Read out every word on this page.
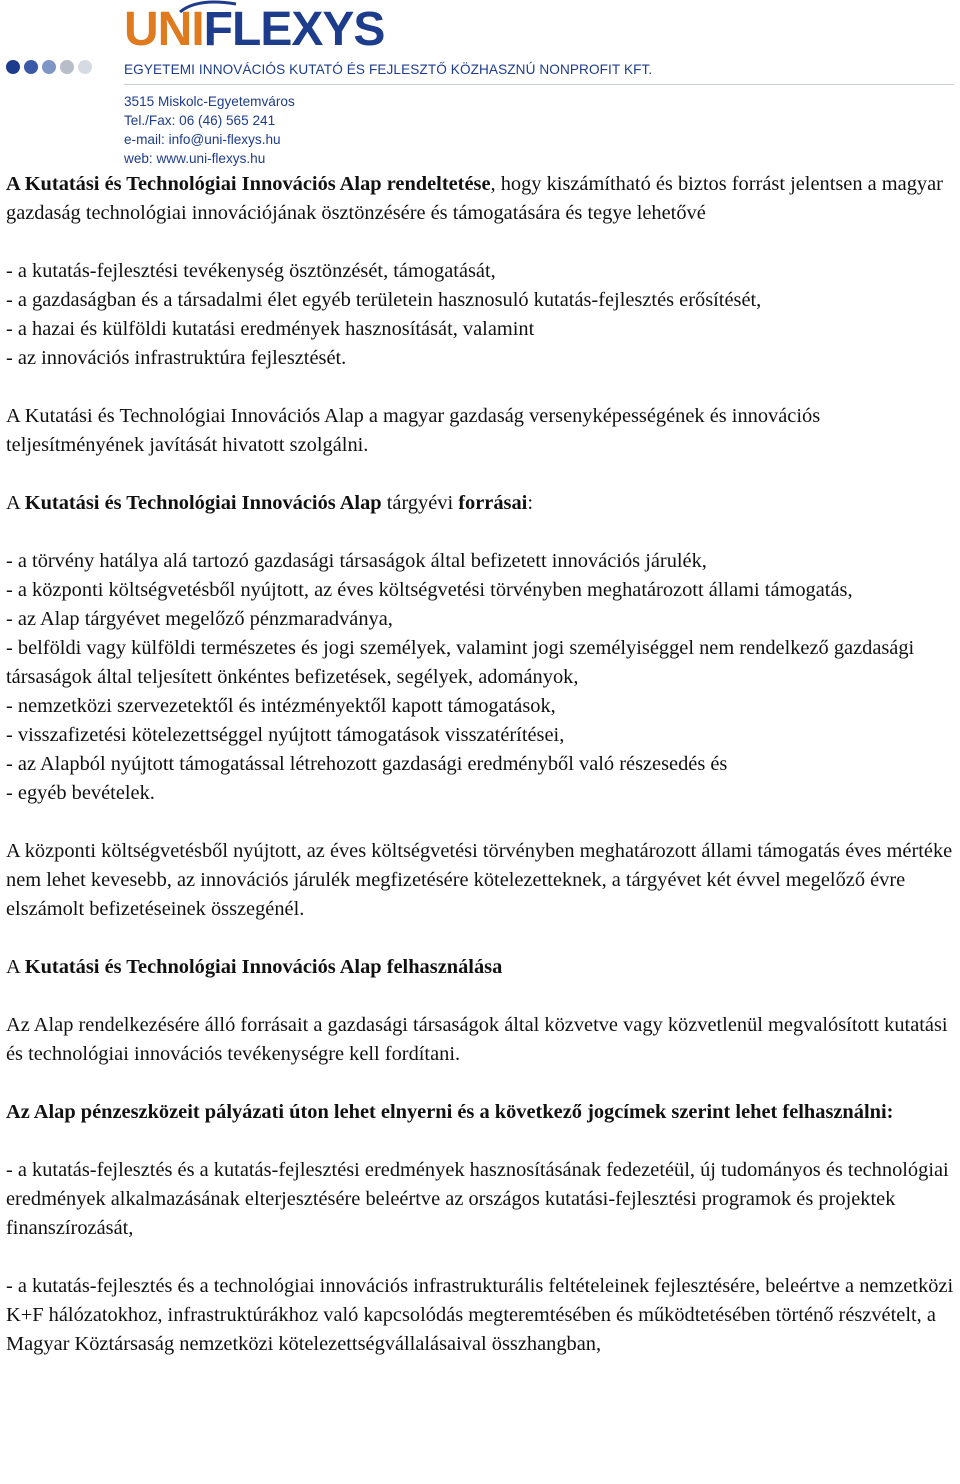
UNIFLEXYS
EGYETEMI INNOVÁCIÓS KUTATÓ ÉS FEJLESZTŐ KÖZHASZNÚ NONPROFIT KFT.
3515 Miskolc-Egyetemváros
Tel./Fax: 06 (46) 565 241
e-mail: info@uni-flexys.hu
web: www.uni-flexys.hu

A Kutatási és Technológiai Innovációs Alap rendeltetése, hogy kiszámítható és biztos forrást jelentsen a magyar gazdaság technológiai innovációjának ösztönzésére és támogatására és tegye lehetővé

- a kutatás-fejlesztési tevékenység ösztönzését, támogatását,
- a gazdaságban és a társadalmi élet egyéb területein hasznosuló kutatás-fejlesztés erősítését,
- a hazai és külföldi kutatási eredmények hasznosítását, valamint
- az innovációs infrastruktúra fejlesztését.

A Kutatási és Technológiai Innovációs Alap a magyar gazdaság versenyképességének és innovációs teljesítményének javítását hivatott szolgálni.

A Kutatási és Technológiai Innovációs Alap tárgyévi forrásai:

- a törvény hatálya alá tartozó gazdasági társaságok által befizetett innovációs járulék,
- a központi költségvetésből nyújtott, az éves költségvetési törvényben meghatározott állami támogatás,
- az Alap tárgyévet megelőző pénzmaradványa,
- belföldi vagy külföldi természetes és jogi személyek, valamint jogi személyiséggel nem rendelkező gazdasági társaságok által teljesített önkéntes befizetések, segélyek, adományok,
- nemzetközi szervezetektől és intézményektől kapott támogatások,
- visszafizetési kötelezettséggel nyújtott támogatások visszatérítései,
- az Alapból nyújtott támogatással létrehozott gazdasági eredményből való részesedés és
- egyéb bevételek.

A központi költségvetésből nyújtott, az éves költségvetési törvényben meghatározott állami támogatás éves mértéke nem lehet kevesebb, az innovációs járulék megfizetésére kötelezetteknek, a tárgyévet két évvel megelőző évre elszámolt befizetéseinek összegénél.

A Kutatási és Technológiai Innovációs Alap felhasználása

Az Alap rendelkezésére álló forrásait a gazdasági társaságok által közvetve vagy közvetlenül megvalósított kutatási és technológiai innovációs tevékenységre kell fordítani.

Az Alap pénzeszközeit pályázati úton lehet elnyerni és a következő jogcímek szerint lehet felhasználni:

- a kutatás-fejlesztés és a kutatás-fejlesztési eredmények hasznosításának fedezetéül, új tudományos és technológiai eredmények alkalmazásának elterjesztésére beleértve az országos kutatási-fejlesztési programok és projektek finanszírozását,

- a kutatás-fejlesztés és a technológiai innovációs infrastrukturális feltételeinek fejlesztésére, beleértve a nemzetközi K+F hálózatokhoz, infrastruktúrákhoz való kapcsolódás megteremtésében és működtetésében történő részvételt, a Magyar Köztársaság nemzetközi kötelezettségvállalásaival összhangban,
